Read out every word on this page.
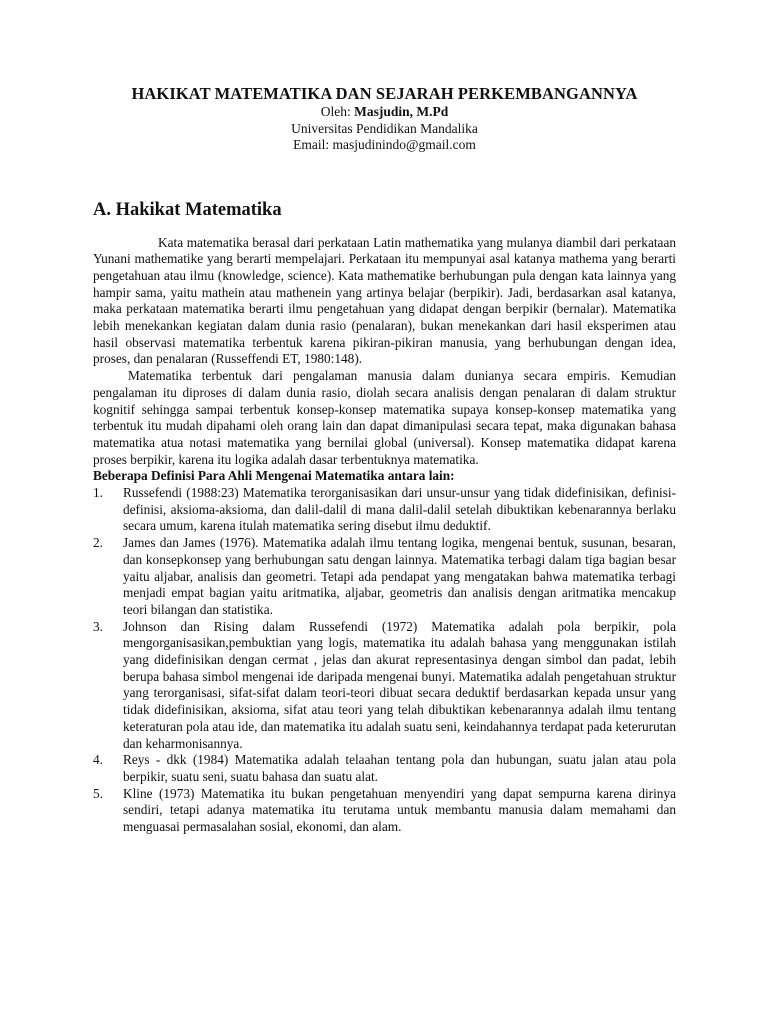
HAKIKAT MATEMATIKA DAN SEJARAH PERKEMBANGANNYA

Oleh: Masjudin, M.Pd

Universitas Pendidikan Mandalika

Email: masjudinindo@gmail.com

A. Hakikat Matematika

Kata matematika berasal dari perkataan Latin mathematika yang mulanya diambil dari perkataan Yunani mathematike yang berarti mempelajari. Perkataan itu mempunyai asal katanya mathema yang berarti pengetahuan atau ilmu (knowledge, science). Kata mathematike berhubungan pula dengan kata lainnya yang hampir sama, yaitu mathein atau mathenein yang artinya belajar (berpikir). Jadi, berdasarkan asal katanya, maka perkataan matematika berarti ilmu pengetahuan yang didapat dengan berpikir (bernalar). Matematika lebih menekankan kegiatan dalam dunia rasio (penalaran), bukan menekankan dari hasil eksperimen atau hasil observasi matematika terbentuk karena pikiran-pikiran manusia, yang berhubungan dengan idea, proses, dan penalaran (Russeffendi ET, 1980:148).

Matematika terbentuk dari pengalaman manusia dalam dunianya secara empiris. Kemudian pengalaman itu diproses di dalam dunia rasio, diolah secara analisis dengan penalaran di dalam struktur kognitif sehingga sampai terbentuk konsep-konsep matematika supaya konsep-konsep matematika yang terbentuk itu mudah dipahami oleh orang lain dan dapat dimanipulasi secara tepat, maka digunakan bahasa matematika atua notasi matematika yang bernilai global (universal). Konsep matematika didapat karena proses berpikir, karena itu logika adalah dasar terbentuknya matematika.

Beberapa Definisi Para Ahli Mengenai Matematika antara lain:

1. Russefendi (1988:23) Matematika terorganisasikan dari unsur-unsur yang tidak didefinisikan, definisi-definisi, aksioma-aksioma, dan dalil-dalil di mana dalil-dalil setelah dibuktikan kebenarannya berlaku secara umum, karena itulah matematika sering disebut ilmu deduktif.
2. James dan James (1976). Matematika adalah ilmu tentang logika, mengenai bentuk, susunan, besaran, dan konsepkonsep yang berhubungan satu dengan lainnya. Matematika terbagi dalam tiga bagian besar yaitu aljabar, analisis dan geometri. Tetapi ada pendapat yang mengatakan bahwa matematika terbagi menjadi empat bagian yaitu aritmatika, aljabar, geometris dan analisis dengan aritmatika mencakup teori bilangan dan statistika.
3. Johnson dan Rising dalam Russefendi (1972) Matematika adalah pola berpikir, pola mengorganisasikan,pembuktian yang logis, matematika itu adalah bahasa yang menggunakan istilah yang didefinisikan dengan cermat , jelas dan akurat representasinya dengan simbol dan padat, lebih berupa bahasa simbol mengenai ide daripada mengenai bunyi. Matematika adalah pengetahuan struktur yang terorganisasi, sifat-sifat dalam teori-teori dibuat secara deduktif berdasarkan kepada unsur yang tidak didefinisikan, aksioma, sifat atau teori yang telah dibuktikan kebenarannya adalah ilmu tentang keteraturan pola atau ide, dan matematika itu adalah suatu seni, keindahannya terdapat pada keterurutan dan keharmonisannya.
4. Reys - dkk (1984) Matematika adalah telaahan tentang pola dan hubungan, suatu jalan atau pola berpikir, suatu seni, suatu bahasa dan suatu alat.
5. Kline (1973) Matematika itu bukan pengetahuan menyendiri yang dapat sempurna karena dirinya sendiri, tetapi adanya matematika itu terutama untuk membantu manusia dalam memahami dan menguasai permasalahan sosial, ekonomi, dan alam.
